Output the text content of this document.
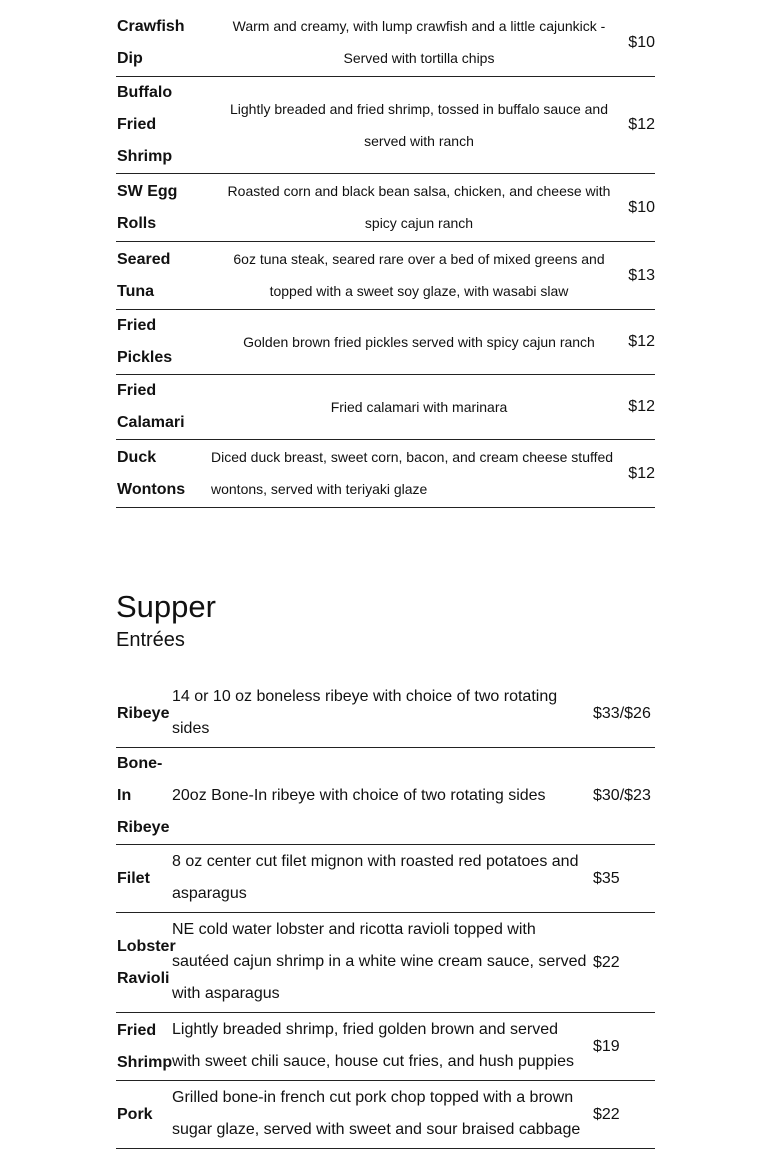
Crawfish Dip	Warm and creamy, with lump crawfish and a little cajunkick - Served with tortilla chips	$10
Buffalo Fried Shrimp	Lightly breaded and fried shrimp, tossed in buffalo sauce and served with ranch	$12
SW Egg Rolls	Roasted corn and black bean salsa, chicken, and cheese with spicy cajun ranch	$10
Seared Tuna	6oz tuna steak, seared rare over a bed of mixed greens and topped with a sweet soy glaze, with wasabi slaw	$13
Fried Pickles	Golden brown fried pickles served with spicy cajun ranch	$12
Fried Calamari	Fried calamari with marinara	$12
Duck Wontons	Diced duck breast, sweet corn, bacon, and cream cheese stuffed wontons, served with teriyaki glaze	$12
Supper
Entrées
Ribeye	14 or 10 oz boneless ribeye with choice of two rotating sides	$33/$26
Bone-In Ribeye	20oz Bone-In ribeye with choice of two rotating sides	$30/$23
Filet	8 oz center cut filet mignon with roasted red potatoes and asparagus	$35
Lobster Ravioli	NE cold water lobster and ricotta ravioli topped with sautéed cajun shrimp in a white wine cream sauce, served with asparagus	$22
Fried Shrimp	Lightly breaded shrimp, fried golden brown and served with sweet chili sauce, house cut fries, and hush puppies	$19
Pork	Grilled bone-in french cut pork chop topped with a brown sugar glaze, served with sweet and sour braised cabbage	$22
